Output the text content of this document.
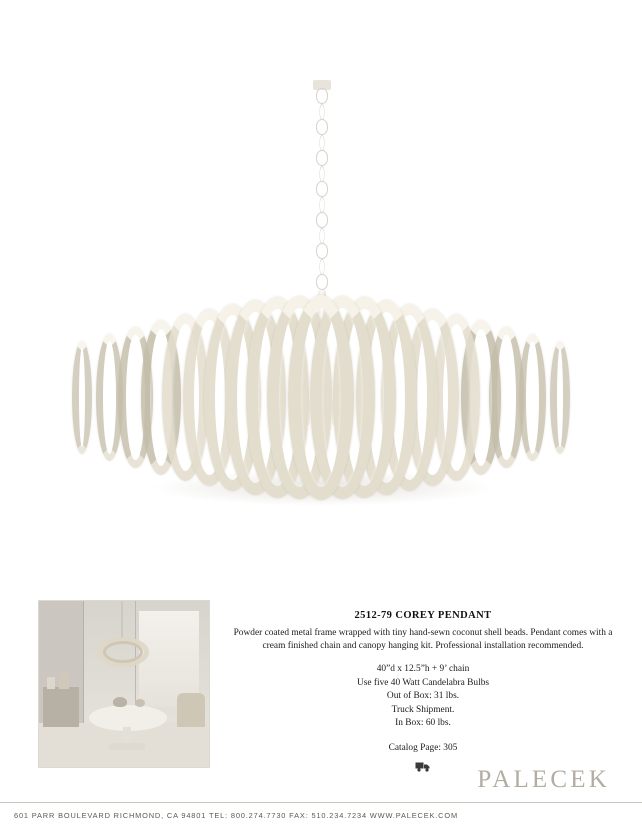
2512-79 COREY PENDANT
Powder coated metal frame wrapped with tiny hand-sewn coconut shell beads. Pendant comes with a cream finished chain and canopy hanging kit. Professional installation recommended.
40”d x 12.5”h + 9’ chain
Use five 40 Watt Candelabra Bulbs
Out of Box: 31 lbs.
Truck Shipment.
In Box: 60 lbs.
Catalog Page: 305
PALECEK
601 PARR BOULEVARD RICHMOND, CA 94801 TEL: 800.274.7730 FAX: 510.234.7234 WWW.PALECEK.COM
